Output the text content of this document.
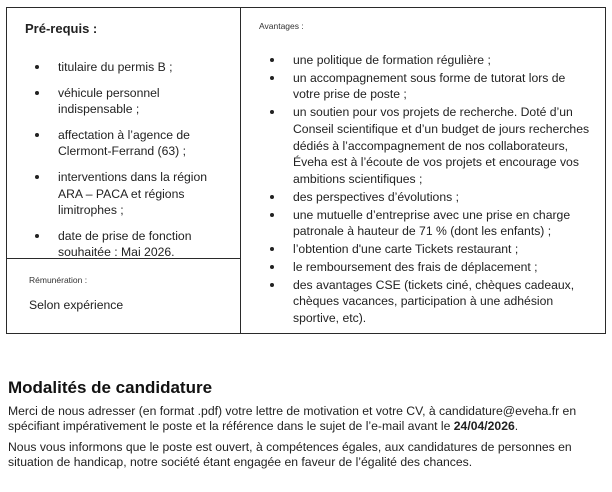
Pré-requis :
titulaire du permis B ;
véhicule personnel indispensable ;
affectation à l’agence de Clermont-Ferrand (63) ;
interventions dans la région ARA – PACA et régions limitrophes ;
date de prise de fonction souhaitée : Mai 2026.
Rémunération :
Selon expérience
Avantages :
une politique de formation régulière ;
un accompagnement sous forme de tutorat lors de votre prise de poste ;
un soutien pour vos projets de recherche. Doté d’un Conseil scientifique et d’un budget de jours recherches dédiés à l’accompagnement de nos collaborateurs, Éveha est à l’écoute de vos projets et encourage vos ambitions scientifiques ;
des perspectives d’évolutions ;
une mutuelle d’entreprise avec une prise en charge patronale à hauteur de 71 % (dont les enfants) ;
l’obtention d'une carte Tickets restaurant ;
le remboursement des frais de déplacement ;
des avantages CSE (tickets ciné, chèques cadeaux, chèques vacances, participation à une adhésion sportive, etc).
Modalités de candidature

Merci de nous adresser (en format .pdf) votre lettre de motivation et votre CV, à candidature@eveha.fr en spécifiant impérativement le poste et la référence dans le sujet de l’e-mail avant le 24/04/2026.

Nous vous informons que le poste est ouvert, à compétences égales, aux candidatures de personnes en situation de handicap, notre société étant engagée en faveur de l’égalité des chances.
